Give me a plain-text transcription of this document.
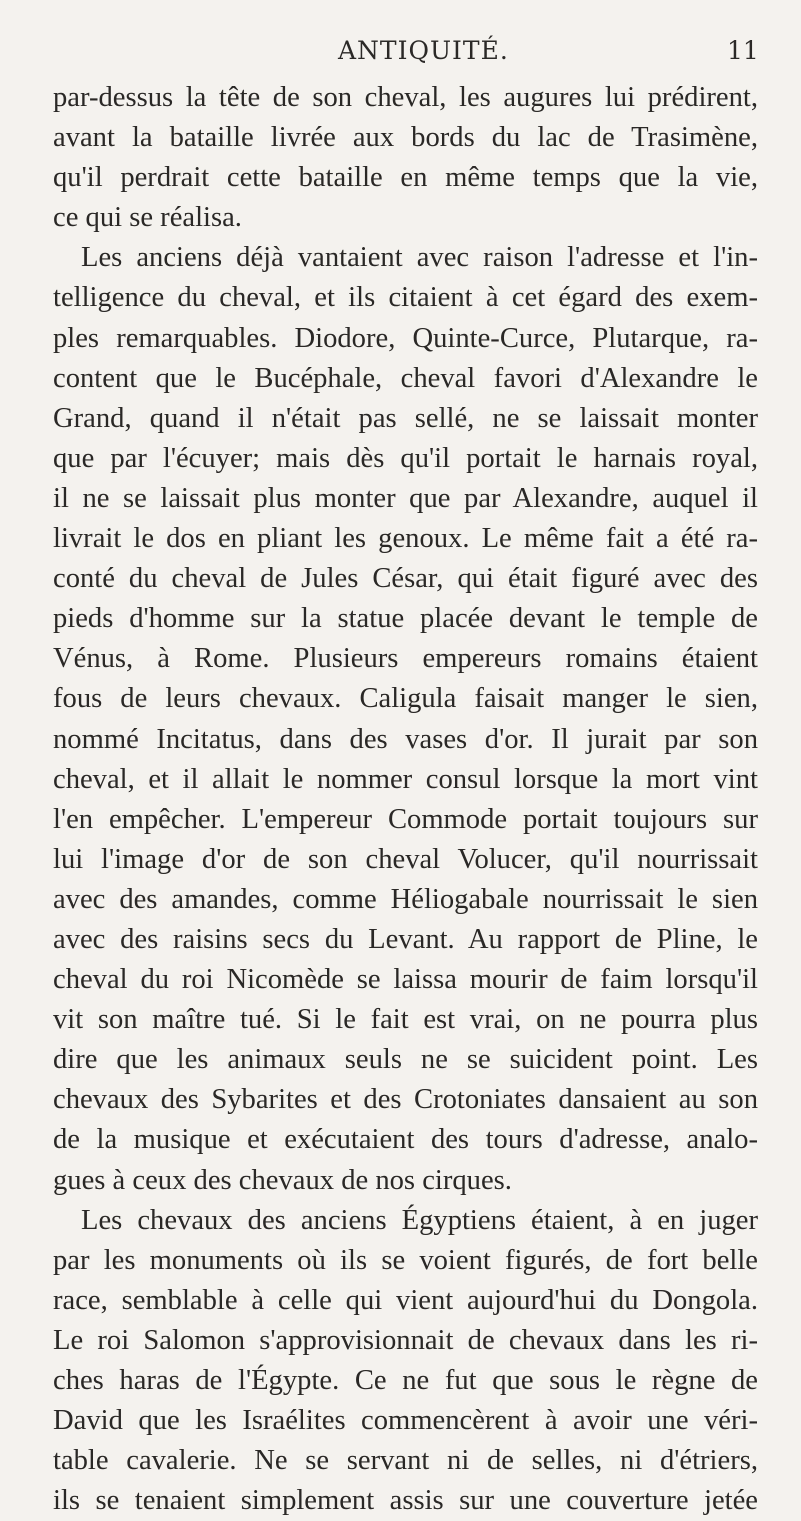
ANTIQUITÉ.	11
par-dessus la tête de son cheval, les augures lui prédirent,
avant la bataille livrée aux bords du lac de Trasimène,
qu'il perdrait cette bataille en même temps que la vie,
ce qui se réalisa.
Les anciens déjà vantaient avec raison l'adresse et l'in-
telligence du cheval, et ils citaient à cet égard des exem-
ples remarquables. Diodore, Quinte-Curce, Plutarque, ra-
content que le Bucéphale, cheval favori d'Alexandre le
Grand, quand il n'était pas sellé, ne se laissait monter
que par l'écuyer; mais dès qu'il portait le harnais royal,
il ne se laissait plus monter que par Alexandre, auquel il
livrait le dos en pliant les genoux. Le même fait a été ra-
conté du cheval de Jules César, qui était figuré avec des
pieds d'homme sur la statue placée devant le temple de
Vénus, à Rome. Plusieurs empereurs romains étaient
fous de leurs chevaux. Caligula faisait manger le sien,
nommé Incitatus, dans des vases d'or. Il jurait par son
cheval, et il allait le nommer consul lorsque la mort vint
l'en empêcher. L'empereur Commode portait toujours sur
lui l'image d'or de son cheval Volucer, qu'il nourrissait
avec des amandes, comme Héliogabale nourrissait le sien
avec des raisins secs du Levant. Au rapport de Pline, le
cheval du roi Nicomède se laissa mourir de faim lorsqu'il
vit son maître tué. Si le fait est vrai, on ne pourra plus
dire que les animaux seuls ne se suicident point. Les
chevaux des Sybarites et des Crotoniates dansaient au son
de la musique et exécutaient des tours d'adresse, analo-
gues à ceux des chevaux de nos cirques.
Les chevaux des anciens Égyptiens étaient, à en juger
par les monuments où ils se voient figurés, de fort belle
race, semblable à celle qui vient aujourd'hui du Dongola.
Le roi Salomon s'approvisionnait de chevaux dans les ri-
ches haras de l'Égypte. Ce ne fut que sous le règne de
David que les Israélites commencèrent à avoir une véri-
table cavalerie. Ne se servant ni de selles, ni d'étriers,
ils se tenaient simplement assis sur une couverture jetée
